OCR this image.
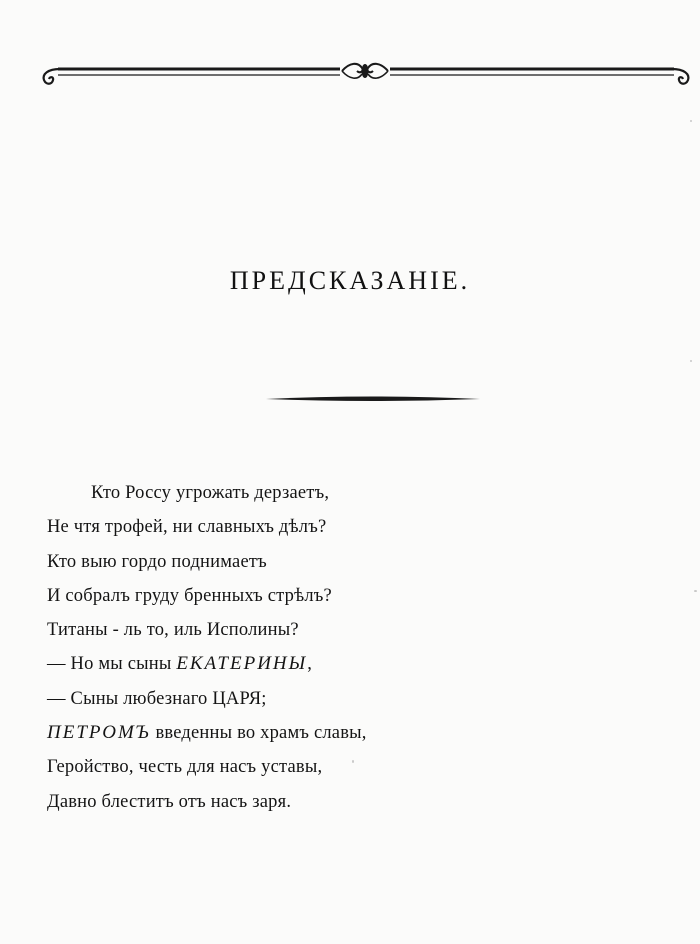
ПРЕДСКАЗАНІЕ.
Кто Россу угрожать дерзаетъ,
Не чтя трофей, ни славныхъ дѣлъ?
Кто выю гордо поднимаетъ
И собралъ груду бренныхъ стрѣлъ?
Титаны - ль то, иль Исполины?
— Но мы сыны ЕКАТЕРИНЫ,
— Сыны любезнаго ЦАРЯ;
ПЕТРОМЪ введенны во храмъ славы,
Геройство, честь для насъ уставы,
Давно блеститъ отъ насъ заря.
